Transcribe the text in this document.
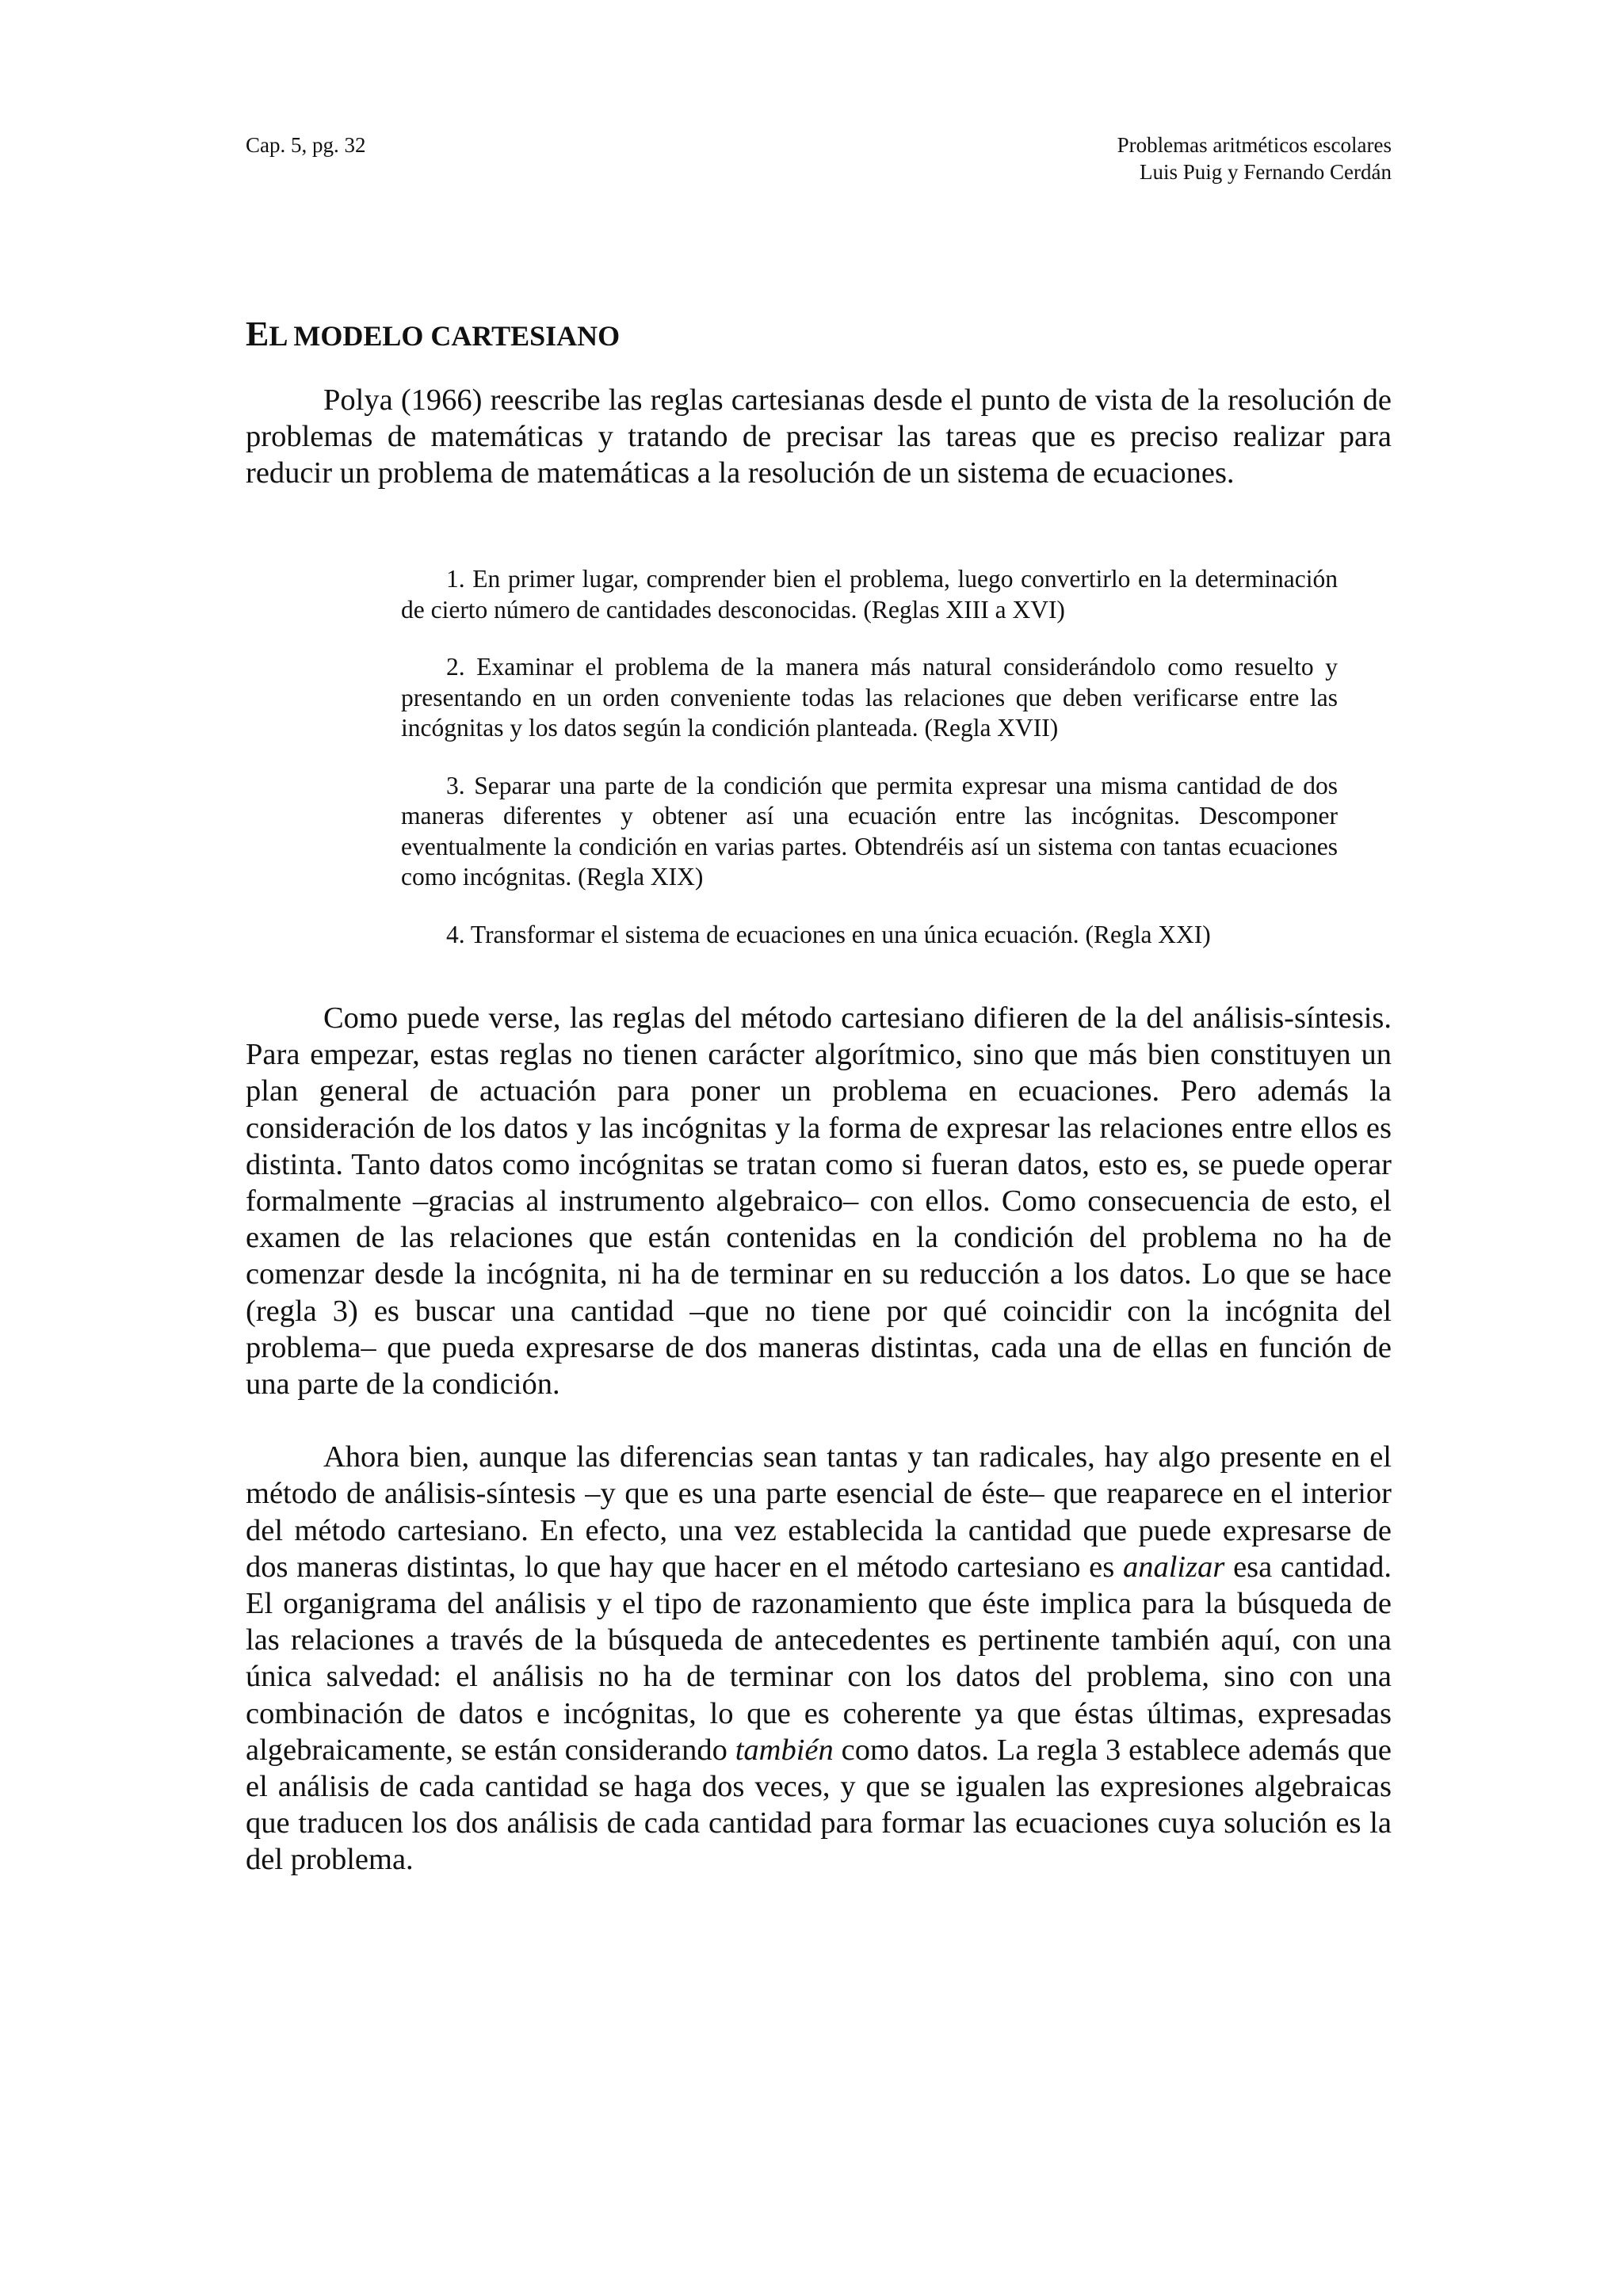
Cap. 5, pg. 32	Problemas aritméticos escolares
Luis Puig y Fernando Cerdán
EL MODELO CARTESIANO

Polya (1966) reescribe las reglas cartesianas desde el punto de vista de la resolución de problemas de matemáticas y tratando de precisar las tareas que es preciso realizar para reducir un problema de matemáticas a la resolución de un sistema de ecuaciones.

1. En primer lugar, comprender bien el problema, luego convertirlo en la determinación de cierto número de cantidades desconocidas. (Reglas XIII a XVI)

2. Examinar el problema de la manera más natural considerándolo como resuelto y presentando en un orden conveniente todas las relaciones que deben verificarse entre las incógnitas y los datos según la condición planteada. (Regla XVII)

3. Separar una parte de la condición que permita expresar una misma cantidad de dos maneras diferentes y obtener así una ecuación entre las incógnitas. Descomponer eventualmente la condición en varias partes. Obtendréis así un sistema con tantas ecuaciones como incógnitas. (Regla XIX)

4. Transformar el sistema de ecuaciones en una única ecuación. (Regla XXI)

Como puede verse, las reglas del método cartesiano difieren de la del análisis-síntesis. Para empezar, estas reglas no tienen carácter algorítmico, sino que más bien constituyen un plan general de actuación para poner un problema en ecuaciones. Pero además la consideración de los datos y las incógnitas y la forma de expresar las relaciones entre ellos es distinta. Tanto datos como incógnitas se tratan como si fueran datos, esto es, se puede operar formalmente –gracias al instrumento algebraico– con ellos. Como consecuencia de esto, el examen de las relaciones que están contenidas en la condición del problema no ha de comenzar desde la incógnita, ni ha de terminar en su reducción a los datos. Lo que se hace (regla 3) es buscar una cantidad –que no tiene por qué coincidir con la incógnita del problema– que pueda expresarse de dos maneras distintas, cada una de ellas en función de una parte de la condición.

Ahora bien, aunque las diferencias sean tantas y tan radicales, hay algo presente en el método de análisis-síntesis –y que es una parte esencial de éste– que reaparece en el interior del método cartesiano. En efecto, una vez establecida la cantidad que puede expresarse de dos maneras distintas, lo que hay que hacer en el método cartesiano es analizar esa cantidad. El organigrama del análisis y el tipo de razonamiento que éste implica para la búsqueda de las relaciones a través de la búsqueda de antecedentes es pertinente también aquí, con una única salvedad: el análisis no ha de terminar con los datos del problema, sino con una combinación de datos e incógnitas, lo que es coherente ya que éstas últimas, expresadas algebraicamente, se están considerando también como datos. La regla 3 establece además que el análisis de cada cantidad se haga dos veces, y que se igualen las expresiones algebraicas que traducen los dos análisis de cada cantidad para formar las ecuaciones cuya solución es la del problema.
